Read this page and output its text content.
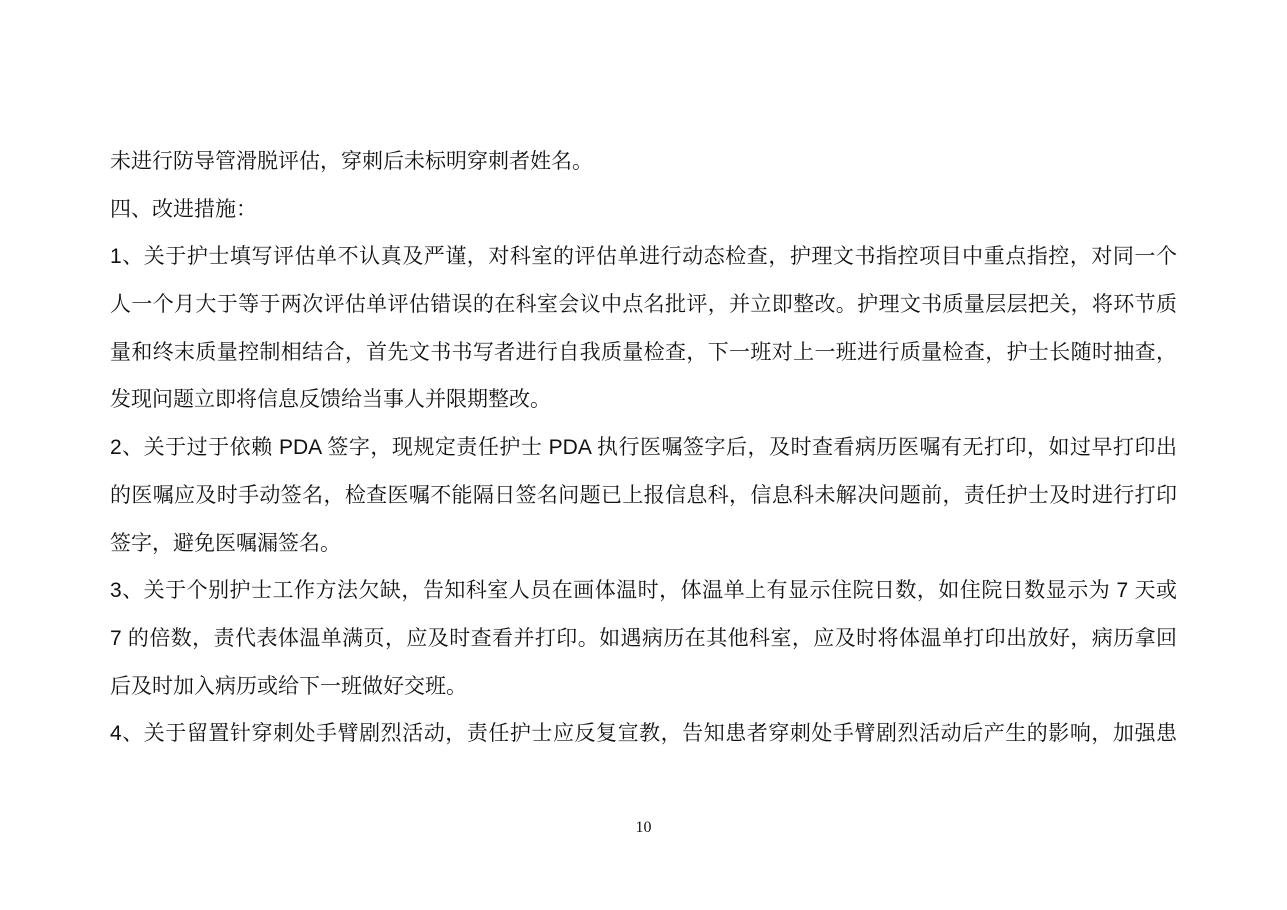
未进行防导管滑脱评估，穿刺后未标明穿刺者姓名。
四、改进措施：
1、关于护士填写评估单不认真及严谨，对科室的评估单进行动态检查，护理文书指控项目中重点指控，对同一个
人一个月大于等于两次评估单评估错误的在科室会议中点名批评，并立即整改。护理文书质量层层把关，将环节质
量和终末质量控制相结合，首先文书书写者进行自我质量检查，下一班对上一班进行质量检查，护士长随时抽查，
发现问题立即将信息反馈给当事人并限期整改。
2、关于过于依赖 PDA 签字，现规定责任护士 PDA 执行医嘱签字后，及时查看病历医嘱有无打印，如过早打印出
的医嘱应及时手动签名，检查医嘱不能隔日签名问题已上报信息科，信息科未解决问题前，责任护士及时进行打印
签字，避免医嘱漏签名。
3、关于个别护士工作方法欠缺，告知科室人员在画体温时，体温单上有显示住院日数，如住院日数显示为 7 天或
7 的倍数，责代表体温单满页，应及时查看并打印。如遇病历在其他科室，应及时将体温单打印出放好，病历拿回
后及时加入病历或给下一班做好交班。
4、关于留置针穿刺处手臂剧烈活动，责任护士应反复宣教，告知患者穿刺处手臂剧烈活动后产生的影响，加强患
10
